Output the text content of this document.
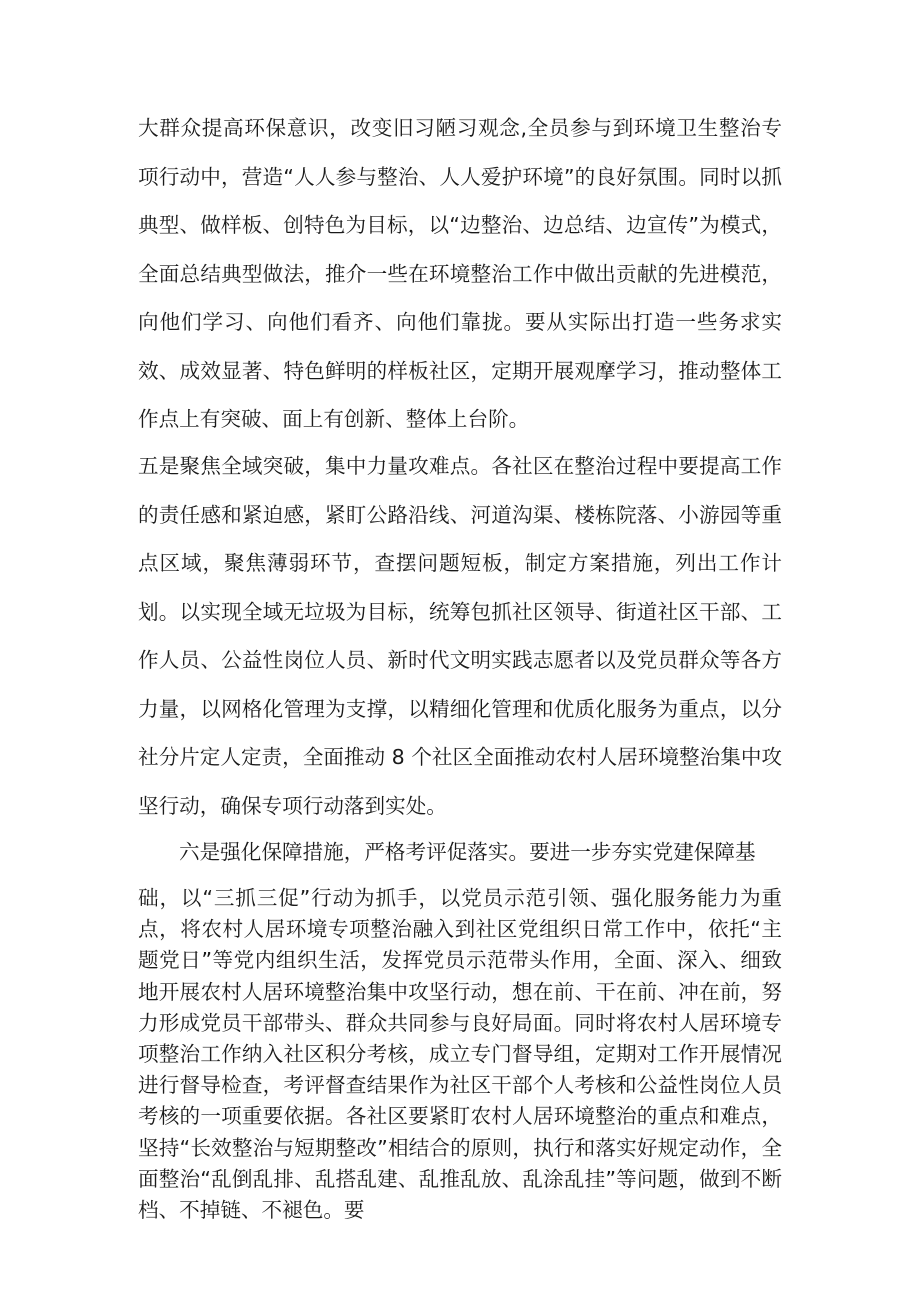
大群众提高环保意识，改变旧习陋习观念,全员参与到环境卫生整治专项行动中，营造“人人参与整治、人人爱护环境”的良好氛围。同时以抓典型、做样板、创特色为目标，以“边整治、边总结、边宣传”为模式，全面总结典型做法，推介一些在环境整治工作中做出贡献的先进模范，向他们学习、向他们看齐、向他们靠拢。要从实际出打造一些务求实效、成效显著、特色鲜明的样板社区，定期开展观摩学习，推动整体工作点上有突破、面上有创新、整体上台阶。

五是聚焦全域突破，集中力量攻难点。各社区在整治过程中要提高工作的责任感和紧迫感，紧盯公路沿线、河道沟渠、楼栋院落、小游园等重点区域，聚焦薄弱环节，查摆问题短板，制定方案措施，列出工作计划。以实现全域无垃圾为目标，统筹包抓社区领导、街道社区干部、工作人员、公益性岗位人员、新时代文明实践志愿者以及党员群众等各方力量，以网格化管理为支撑，以精细化管理和优质化服务为重点，以分社分片定人定责，全面推动 8 个社区全面推动农村人居环境整治集中攻坚行动，确保专项行动落到实处。

六是强化保障措施，严格考评促落实。要进一步夯实党建保障基

础，以“三抓三促”行动为抓手，以党员示范引领、强化服务能力为重点，将农村人居环境专项整治融入到社区党组织日常工作中，依托“主题党日”等党内组织生活，发挥党员示范带头作用，全面、深入、细致地开展农村人居环境整治集中攻坚行动，想在前、干在前、冲在前，努力形成党员干部带头、群众共同参与良好局面。同时将农村人居环境专项整治工作纳入社区积分考核，成立专门督导组，定期对工作开展情况进行督导检查，考评督查结果作为社区干部个人考核和公益性岗位人员考核的一项重要依据。各社区要紧盯农村人居环境整治的重点和难点，坚持“长效整治与短期整改”相结合的原则，执行和落实好规定动作，全面整治“乱倒乱排、乱搭乱建、乱推乱放、乱涂乱挂”等问题，做到不断档、不掉链、不褪色。要
